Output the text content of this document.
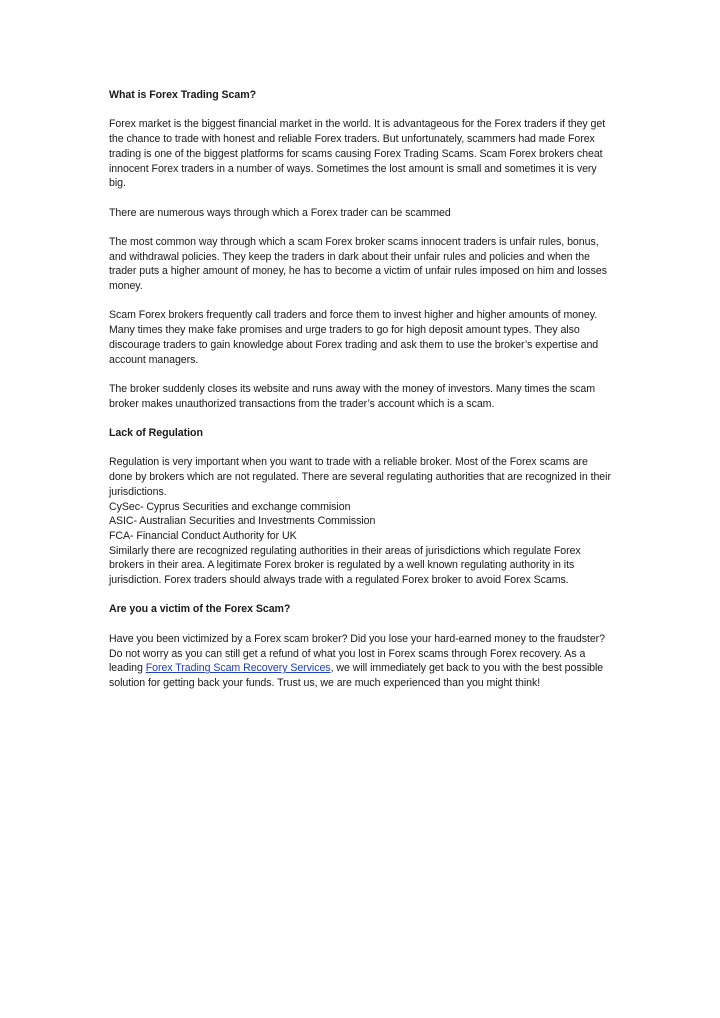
What is Forex Trading Scam?

Forex market is the biggest financial market in the world. It is advantageous for the Forex traders if they get the chance to trade with honest and reliable Forex traders. But unfortunately, scammers had made Forex trading is one of the biggest platforms for scams causing Forex Trading Scams. Scam Forex brokers cheat innocent Forex traders in a number of ways. Sometimes the lost amount is small and sometimes it is very big.

There are numerous ways through which a Forex trader can be scammed

The most common way through which a scam Forex broker scams innocent traders is unfair rules, bonus, and withdrawal policies. They keep the traders in dark about their unfair rules and policies and when the trader puts a higher amount of money, he has to become a victim of unfair rules imposed on him and losses money.

Scam Forex brokers frequently call traders and force them to invest higher and higher amounts of money. Many times they make fake promises and urge traders to go for high deposit amount types. They also discourage traders to gain knowledge about Forex trading and ask them to use the broker’s expertise and account managers.

The broker suddenly closes its website and runs away with the money of investors. Many times the scam broker makes unauthorized transactions from the trader’s account which is a scam.

Lack of Regulation

Regulation is very important when you want to trade with a reliable broker. Most of the Forex scams are done by brokers which are not regulated. There are several regulating authorities that are recognized in their jurisdictions.

CySec- Cyprus Securities and exchange commision
ASIC- Australian Securities and Investments Commission
FCA- Financial Conduct Authority for UK

Similarly there are recognized regulating authorities in their areas of jurisdictions which regulate Forex brokers in their area. A legitimate Forex broker is regulated by a well known regulating authority in its jurisdiction. Forex traders should always trade with a regulated Forex broker to avoid Forex Scams.

Are you a victim of the Forex Scam?

Have you been victimized by a Forex scam broker? Did you lose your hard-earned money to the fraudster? Do not worry as you can still get a refund of what you lost in Forex scams through Forex recovery. As a leading Forex Trading Scam Recovery Services, we will immediately get back to you with the best possible solution for getting back your funds. Trust us, we are much experienced than you might think!
